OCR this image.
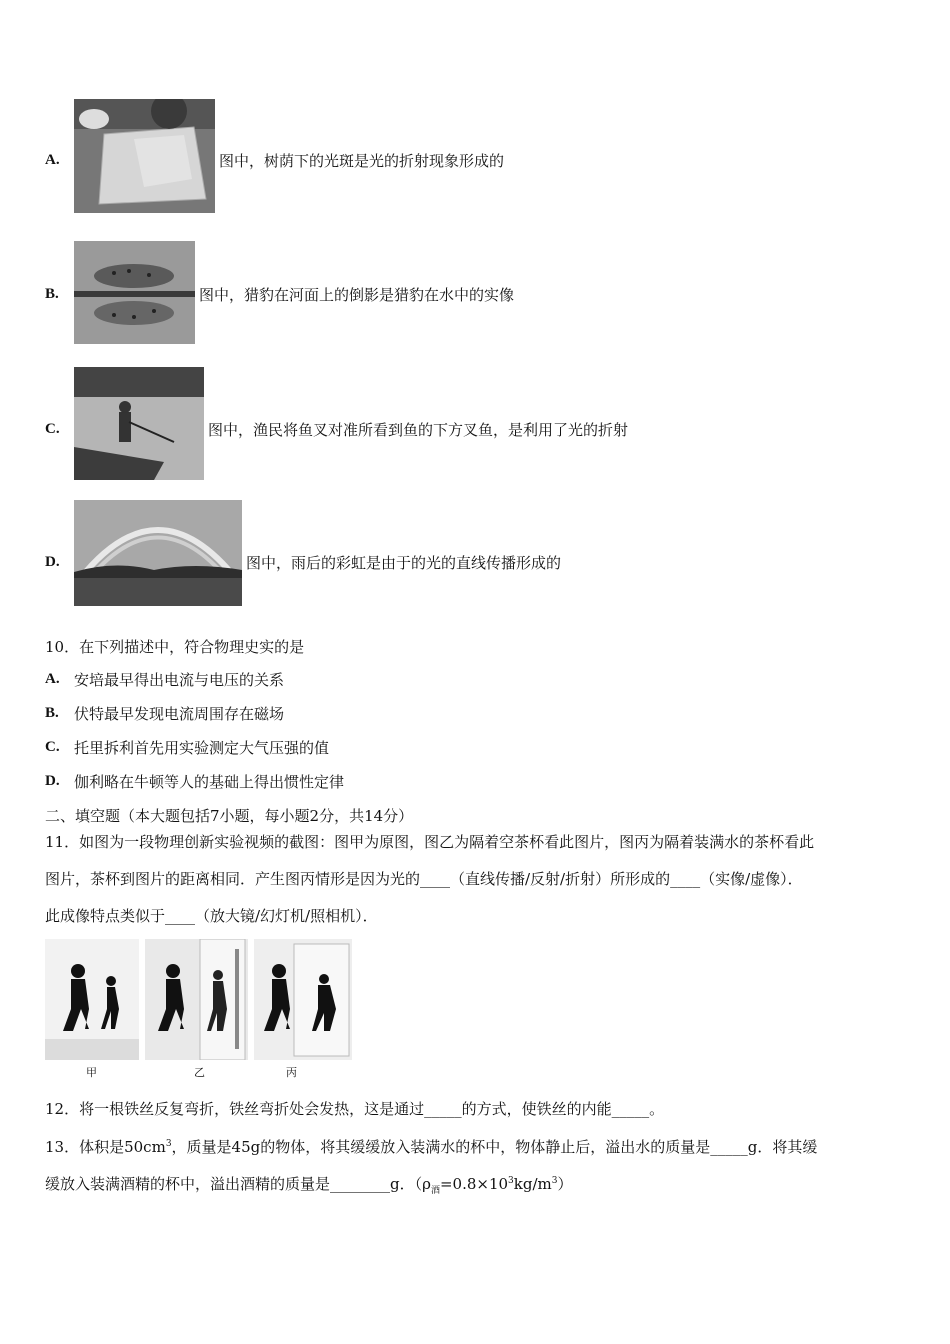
A.	图中，树荫下的光斑是光的折射现象形成的
B.	图中，猎豹在河面上的倒影是猎豹在水中的实像
C.	图中，渔民将鱼叉对准所看到鱼的下方叉鱼，是利用了光的折射
D.	图中，雨后的彩虹是由于的光的直线传播形成的
10．在下列描述中，符合物理史实的是
A. 安培最早得出电流与电压的关系
B. 伏特最早发现电流周围存在磁场
C. 托里拆利首先用实验测定大气压强的值
D. 伽利略在牛顿等人的基础上得出惯性定律
二、填空题（本大题包括7小题，每小题2分，共14分）
11．如图为一段物理创新实验视频的截图：图甲为原图，图乙为隔着空茶杯看此图片，图丙为隔着装满水的茶杯看此
图片，茶杯到图片的距离相同．产生图丙情形是因为光的____（直线传播/反射/折射）所形成的____（实像/虚像）．
此成像特点类似于____（放大镜/幻灯机/照相机）．
甲	乙	丙
12．将一根铁丝反复弯折，铁丝弯折处会发热，这是通过_____的方式，使铁丝的内能_____。
13．体积是$50cm^3$，质量是45g的物体，将其缓缓放入装满水的杯中，物体静止后，溢出水的质量是_____g．将其缓
缓放入装满酒精的杯中，溢出酒精的质量是________g．$(\rho_酒=0.8\times 10^3kg/m^3)$
